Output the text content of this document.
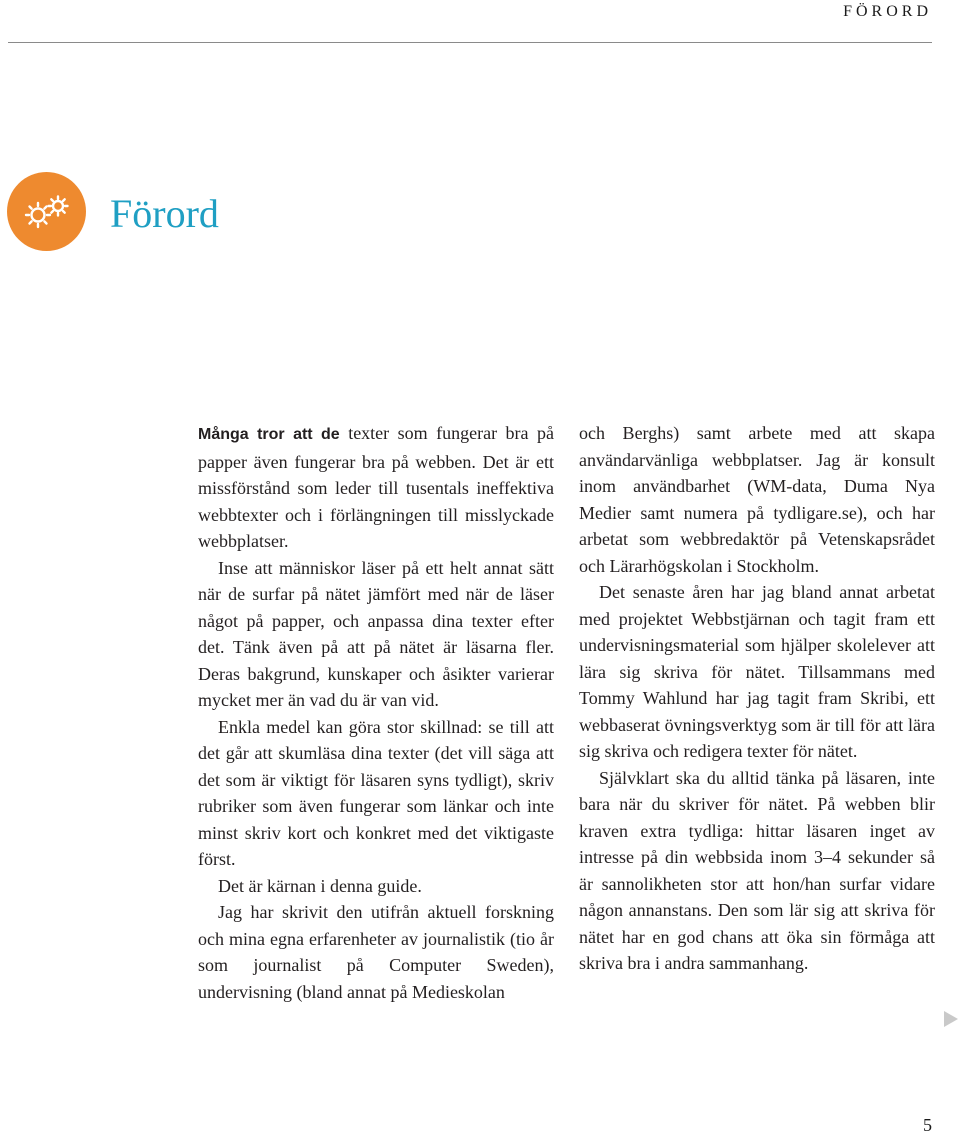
FÖRORD
Förord

Många tror att de texter som fungerar bra på papper även fungerar bra på webben. Det är ett missförstånd som leder till tusentals ineffektiva webbtexter och i förlängningen till misslyckade webbplatser.

Inse att människor läser på ett helt annat sätt när de surfar på nätet jämfört med när de läser något på papper, och anpassa dina texter efter det. Tänk även på att på nätet är läsarna fler. Deras bakgrund, kunskaper och åsikter varierar mycket mer än vad du är van vid.

Enkla medel kan göra stor skillnad: se till att det går att skumläsa dina texter (det vill säga att det som är viktigt för läsaren syns tydligt), skriv rubriker som även fungerar som länkar och inte minst skriv kort och konkret med det viktigaste först.

Det är kärnan i denna guide.

Jag har skrivit den utifrån aktuell forskning och mina egna erfarenheter av journalistik (tio år som journalist på Computer Sweden), undervisning (bland annat på Medieskolan

och Berghs) samt arbete med att skapa användarvänliga webbplatser. Jag är konsult inom användbarhet (WM-data, Duma Nya Medier samt numera på tydligare.se), och har arbetat som webbredaktör på Vetenskapsrådet och Lärarhögskolan i Stockholm.

Det senaste åren har jag bland annat arbetat med projektet Webbstjärnan och tagit fram ett undervisningsmaterial som hjälper skolelever att lära sig skriva för nätet. Tillsammans med Tommy Wahlund har jag tagit fram Skribi, ett webbaserat övningsverktyg som är till för att lära sig skriva och redigera texter för nätet.

Självklart ska du alltid tänka på läsaren, inte bara när du skriver för nätet. På webben blir kraven extra tydliga: hittar läsaren inget av intresse på din webbsida inom 3–4 sekunder så är sannolikheten stor att hon/han surfar vidare någon annanstans. Den som lär sig att skriva för nätet har en god chans att öka sin förmåga att skriva bra i andra sammanhang.

5
